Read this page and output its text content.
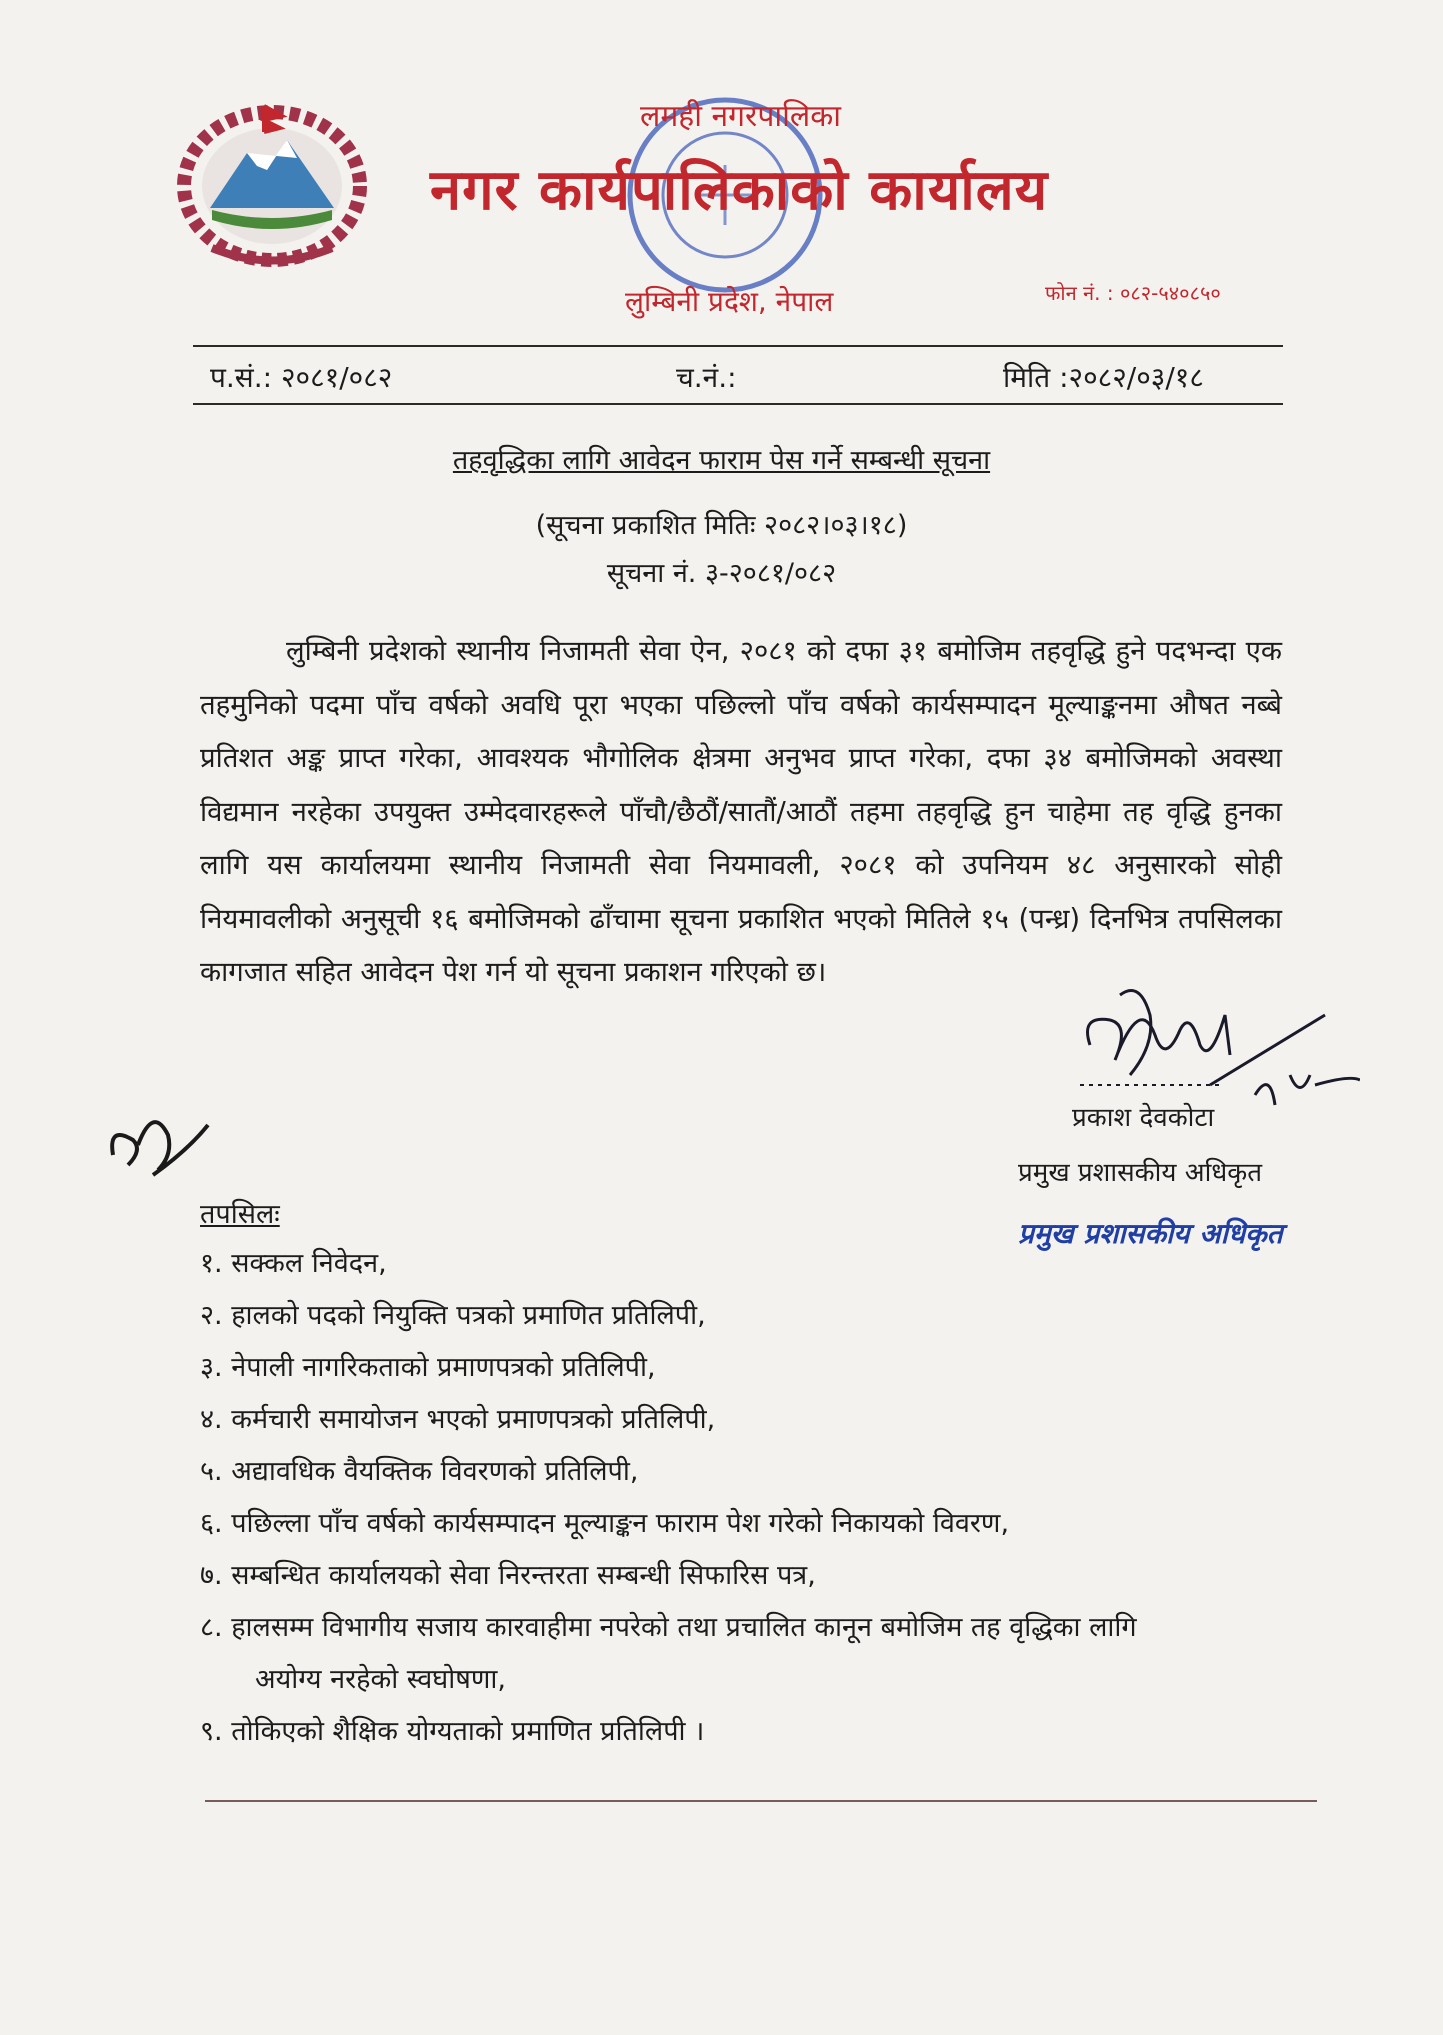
लमही नगरपालिका
नगर कार्यपालिकाको कार्यालय
लुम्बिनी प्रदेश, नेपाल	फोन नं. : ०८२-५४०८५०
प.सं.: २०८१/०८२	च.नं.:	मिति :२०८२/०३/१८
तहवृद्धिका लागि आवेदन फाराम पेस गर्ने सम्बन्धी सूचना
(सूचना प्रकाशित मितिः २०८२।०३।१८)
सूचना नं. ३-२०८१/०८२
लुम्बिनी प्रदेशको स्थानीय निजामती सेवा ऐन, २०८१ को दफा ३१ बमोजिम तहवृद्धि हुने पदभन्दा एक तहमुनिको पदमा पाँच वर्षको अवधि पूरा भएका पछिल्लो पाँच वर्षको कार्यसम्पादन मूल्याङ्कनमा औषत नब्बे प्रतिशत अङ्क प्राप्त गरेका, आवश्यक भौगोलिक क्षेत्रमा अनुभव प्राप्त गरेका, दफा ३४ बमोजिमको अवस्था विद्यमान नरहेका उपयुक्त उम्मेदवारहरूले पाँचौ/छैठौं/सातौं/आठौं तहमा तहवृद्धि हुन चाहेमा तह वृद्धि हुनका लागि यस कार्यालयमा स्थानीय निजामती सेवा नियमावली, २०८१ को उपनियम ४८ अनुसारको सोही नियमावलीको अनुसूची १६ बमोजिमको ढाँचामा सूचना प्रकाशित भएको मितिले १५ (पन्ध्र) दिनभित्र तपसिलका कागजात सहित आवेदन पेश गर्न यो सूचना प्रकाशन गरिएको छ।
प्रकाश देवकोटा
प्रमुख प्रशासकीय अधिकृत
प्रमुख प्रशासकीय अधिकृत
तपसिलः
१. सक्कल निवेदन,
२. हालको पदको नियुक्ति पत्रको प्रमाणित प्रतिलिपी,
३. नेपाली नागरिकताको प्रमाणपत्रको प्रतिलिपी,
४. कर्मचारी समायोजन भएको प्रमाणपत्रको प्रतिलिपी,
५. अद्यावधिक वैयक्तिक विवरणको प्रतिलिपी,
६. पछिल्ला पाँच वर्षको कार्यसम्पादन मूल्याङ्कन फाराम पेश गरेको निकायको विवरण,
७. सम्बन्धित कार्यालयको सेवा निरन्तरता सम्बन्धी सिफारिस पत्र,
८. हालसम्म विभागीय सजाय कारवाहीमा नपरेको तथा प्रचालित कानून बमोजिम तह वृद्धिका लागि
अयोग्य नरहेको स्वघोषणा,
९. तोकिएको शैक्षिक योग्यताको प्रमाणित प्रतिलिपी ।
